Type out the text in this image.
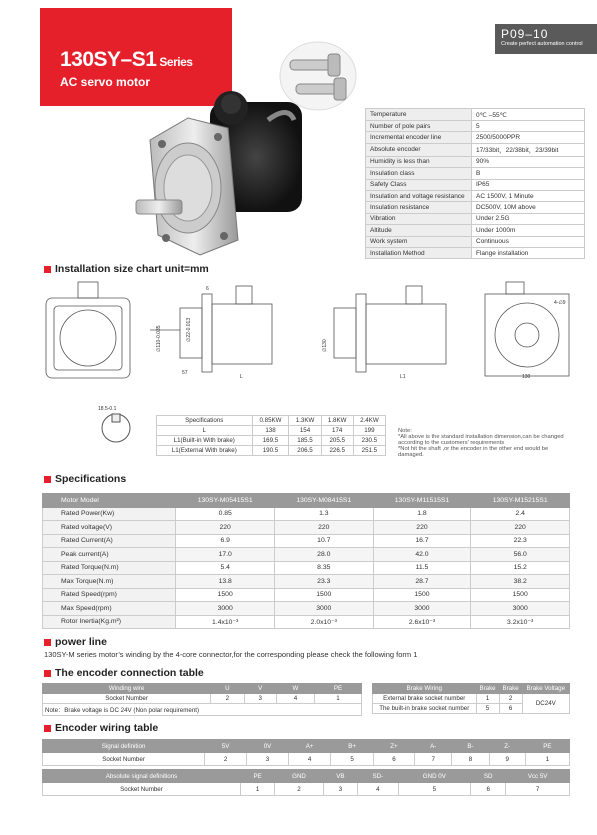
130SY–S1 Series
AC servo motor
P09–10
Create perfect automation control
Temperature	0℃ –55℃
Number of pole pairs	5
Incremental encoder line	2500/5000PPR
Absolute encoder	17/33bit，22/38bit，23/39bit
Humidity is less than	90%
Insulation class	B
Safety Class	IP65
Insulation and voltage resistance	AC 1500V, 1 Minute
Insulation resistance	DC500V, 10M above
Vibration	Under 2.5G
Altitude	Under 1000m
Work system	Continuous
Installation Method	Flange installation
Installation size chart unit=mm
∅110-0.035	∅22-0.013
∅130
L	L1	130
4-∅9
57
6
18.5-0.1
Specifications	0.85KW	1.3KW	1.8KW	2.4KW
L	138	154	174	199
L1(Built-in With brake)	169.5	185.5	205.5	230.5
L1(External With brake)	190.5	206.5	226.5	251.5
Note:
*All above is the standard installation dimension,can be changed according to the customers' requirements
*Not hit the shaft ,or the encoder in the other end would be damaged.
Specifications
Motor Model	130SY-M05415S1	130SY-M08415S1	130SY-M11515S1	130SY-M15215S1
Rated Power(Kw)	0.85	1.3	1.8	2.4
Rated voltage(V)	220	220	220	220
Rated Current(A)	6.9	10.7	16.7	22.3
Peak current(A)	17.0	28.0	42.0	56.0
Rated Torque(N.m)	5.4	8.35	11.5	15.2
Max Torque(N.m)	13.8	23.3	28.7	38.2
Rated Speed(rpm)	1500	1500	1500	1500
Max Speed(rpm)	3000	3000	3000	3000
Rotor Inertia(Kg.m²)	1.4x10⁻³	2.0x10⁻³	2.6x10⁻³	3.2x10⁻³
power line
130SY-M series motor’s winding by the 4-core connector,for the corresponding please check the following form 1
The encoder connection table
Winding wire	U	V	W	PE
Socket Number	2	3	4	1
Note：Brake voltage is DC 24V (Non polar requirement)				
Brake Wiring	Brake	Brake	Brake Voltage
External brake socket number	1	2	DC24V
The built-in brake socket number	5	6	
Encoder wiring table
Signal definition	5V	0V	A+	B+	Z+	A-	B-	Z-	PE
Socket Number	2	3	4	5	6	7	8	9	1
Absolute signal definitions	PE	GND	VB	SD-	GND 0V	SD	Vcc 5V
Socket Number	1	2	3	4	5	6	7
